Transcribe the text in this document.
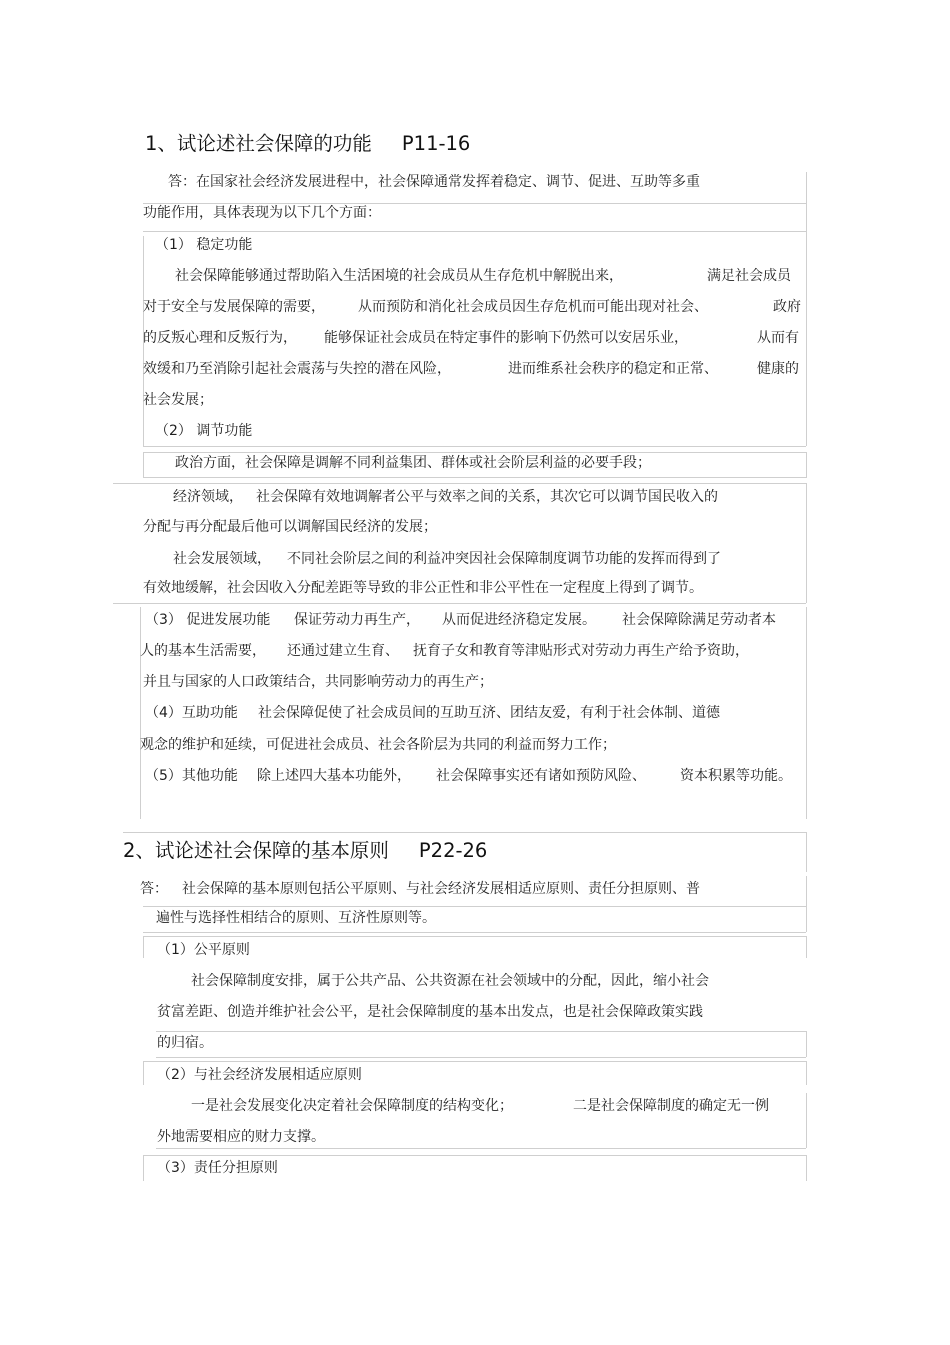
1、试论述社会保障的功能 P11-16
答：在国家社会经济发展进程中，社会保障通常发挥着稳定、调节、促进、互助等多重
功能作用，具体表现为以下几个方面：
（1） 稳定功能
社会保障能够通过帮助陷入生活困境的社会成员从生存危机中解脱出来，	满足社会成员
对于安全与发展保障的需要， 从而预防和消化社会成员因生存危机而可能出现对社会、	政府
的反叛心理和反叛行为， 能够保证社会成员在特定事件的影响下仍然可以安居乐业，	从而有
效缓和乃至消除引起社会震荡与失控的潜在风险，	进而维系社会秩序的稳定和正常、	健康的
社会发展；
（2） 调节功能
政治方面，社会保障是调解不同利益集团、群体或社会阶层利益的必要手段；
经济领域， 社会保障有效地调解者公平与效率之间的关系，其次它可以调节国民收入的
分配与再分配最后他可以调解国民经济的发展；
社会发展领域， 不同社会阶层之间的利益冲突因社会保障制度调节功能的发挥而得到了
有效地缓解，社会因收入分配差距等导致的非公正性和非公平性在一定程度上得到了调节。
（3） 促进发展功能 保证劳动力再生产， 从而促进经济稳定发展。 社会保障除满足劳动者本
人的基本生活需要， 还通过建立生育、 抚育子女和教育等津贴形式对劳动力再生产给予资助，
并且与国家的人口政策结合，共同影响劳动力的再生产；
（4）互助功能 社会保障促使了社会成员间的互助互济、团结友爱，有利于社会体制、道德
观念的维护和延续，可促进社会成员、社会各阶层为共同的利益而努力工作；
（5）其他功能 除上述四大基本功能外， 社会保障事实还有诸如预防风险、 资本积累等功能。
2、试论述社会保障的基本原则 P22-26
答： 社会保障的基本原则包括公平原则、与社会经济发展相适应原则、责任分担原则、普
遍性与选择性相结合的原则、互济性原则等。
（1）公平原则
社会保障制度安排，属于公共产品、公共资源在社会领域中的分配，因此，缩小社会
贫富差距、创造并维护社会公平，是社会保障制度的基本出发点，也是社会保障政策实践
的归宿。
（2）与社会经济发展相适应原则
一是社会发展变化决定着社会保障制度的结构变化；	二是社会保障制度的确定无一例
外地需要相应的财力支撑。
（3）责任分担原则
